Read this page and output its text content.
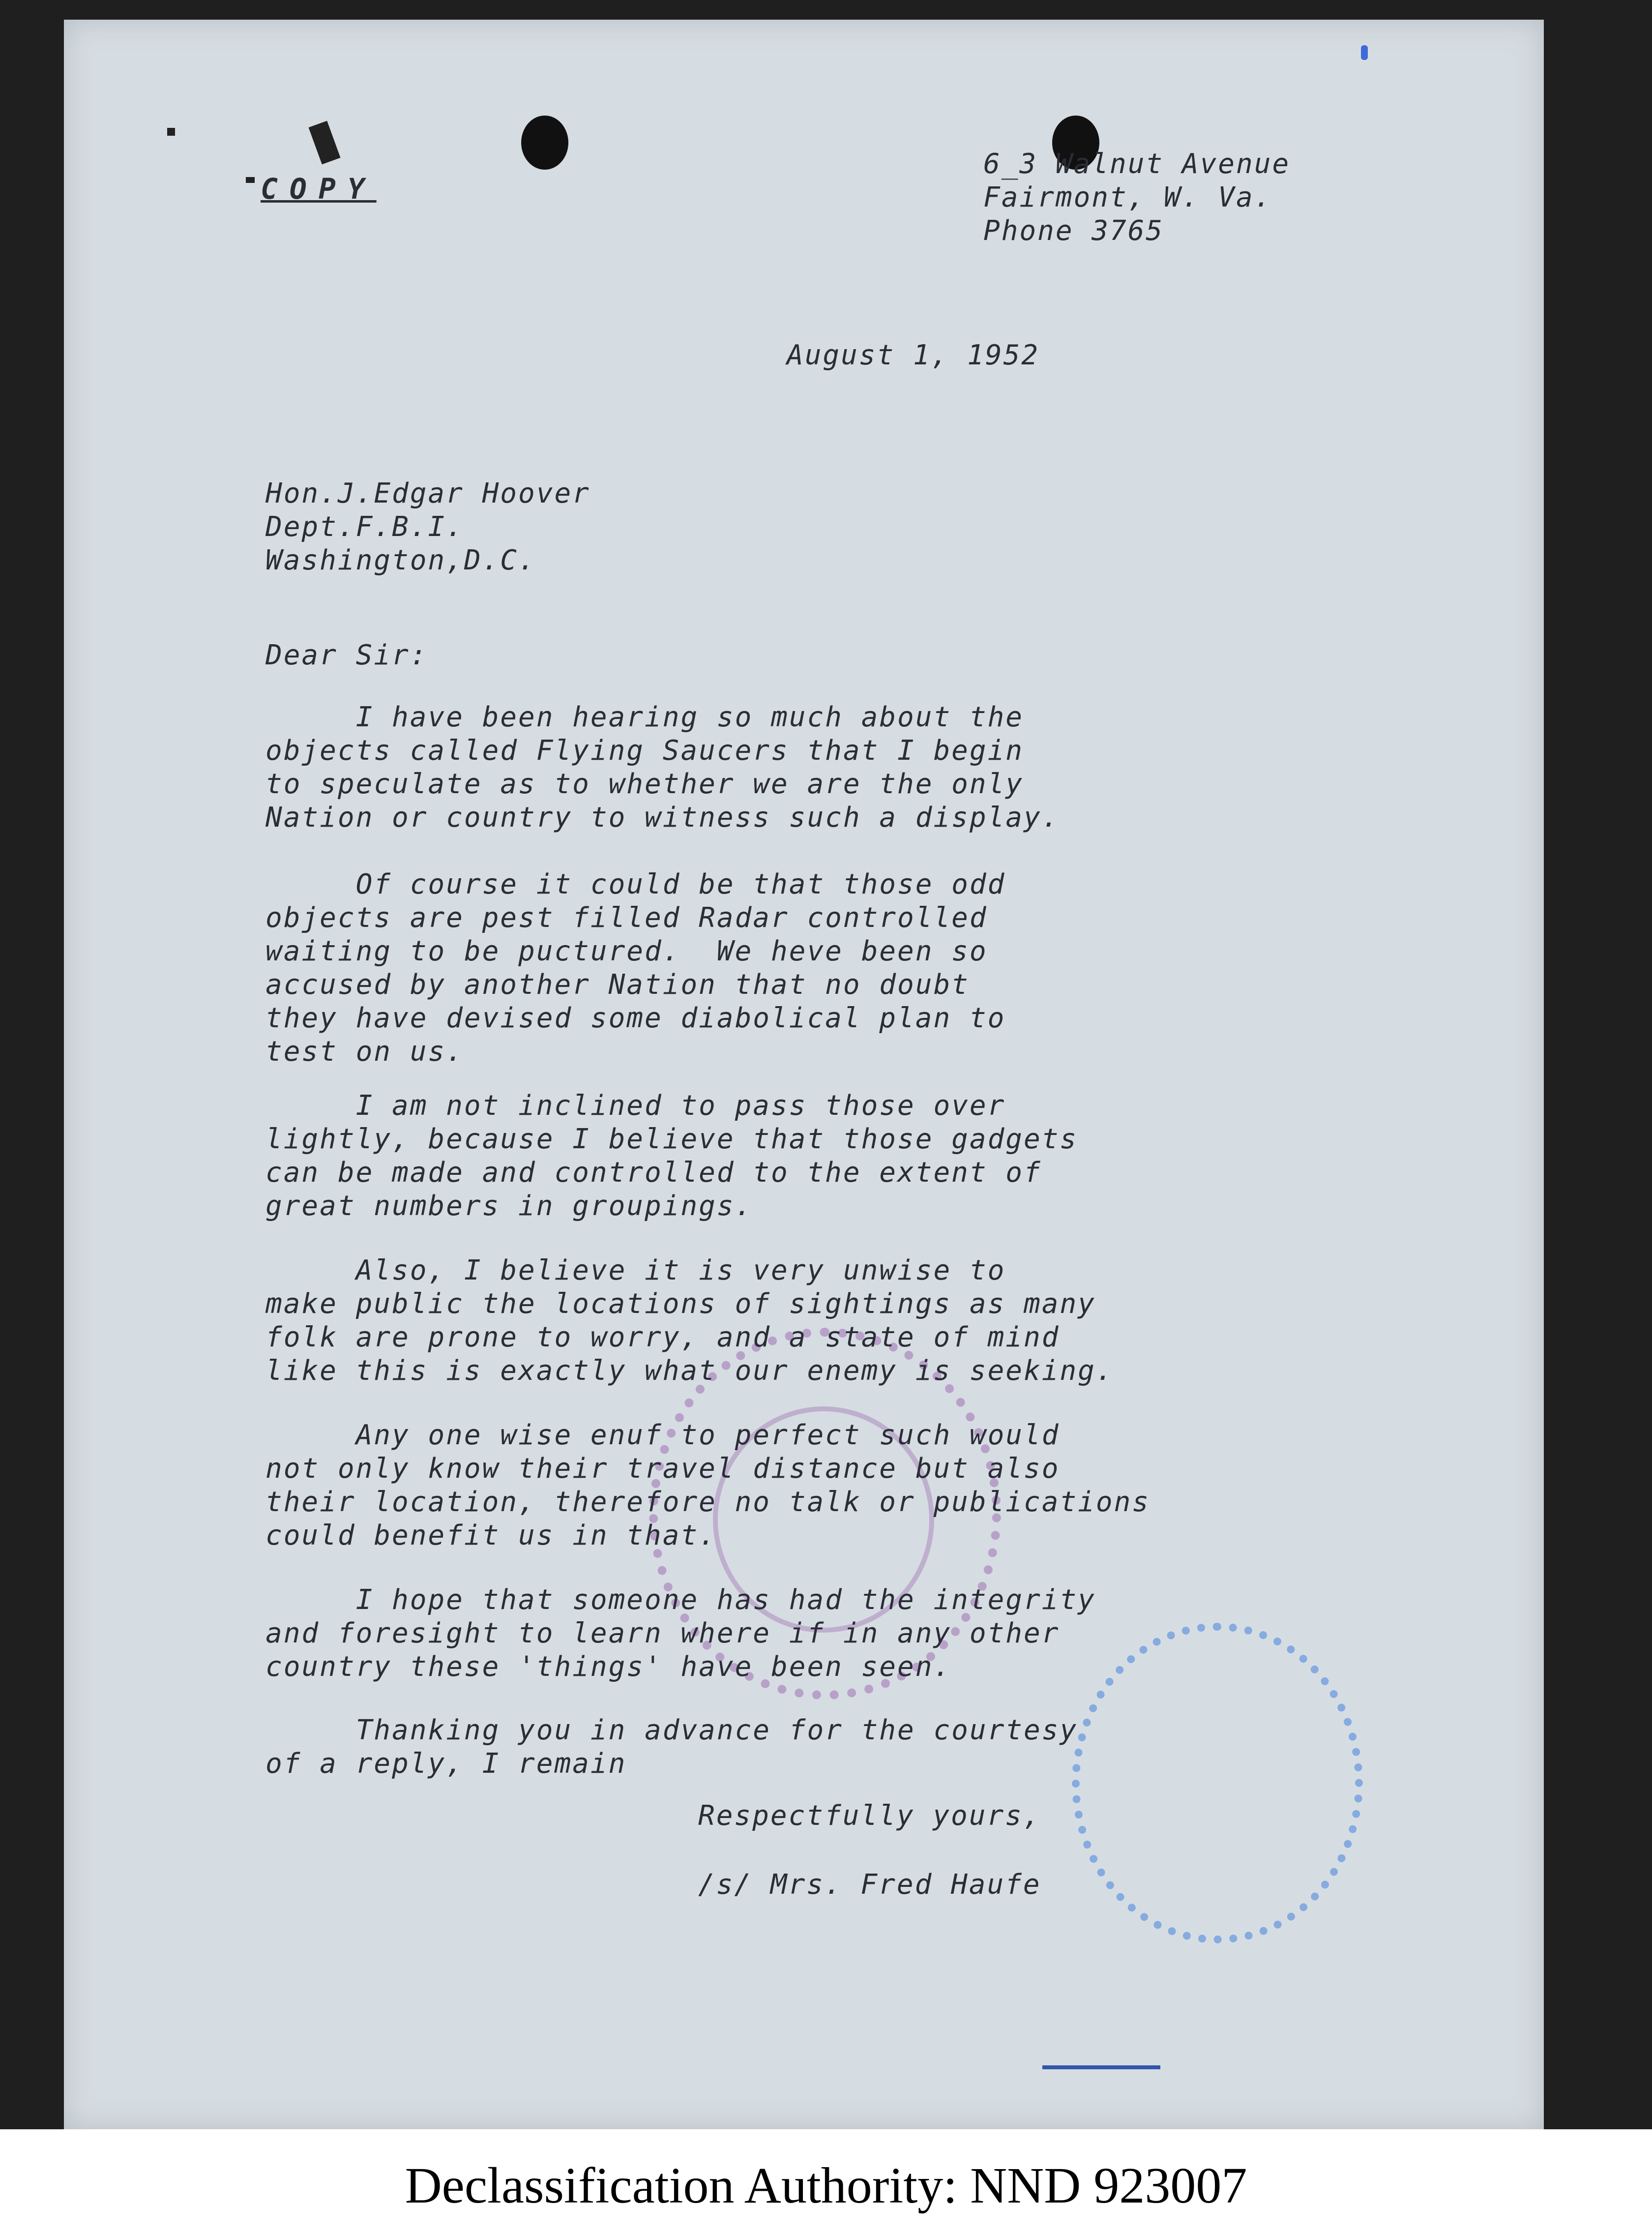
COPY
6_3 Walnut Avenue
Fairmont, W. Va.
Phone 3765
August 1, 1952
Hon.J.Edgar Hoover
Dept.F.B.I.
Washington,D.C.
Dear Sir:
I have been hearing so much about the
objects called Flying Saucers that I begin
to speculate as to whether we are the only
Nation or country to witness such a display.
Of course it could be that those odd
objects are pest filled Radar controlled
waiting to be puctured.  We heve been so
accused by another Nation that no doubt
they have devised some diabolical plan to
test on us.
I am not inclined to pass those over
lightly, because I believe that those gadgets
can be made and controlled to the extent of
great numbers in groupings.
Also, I believe it is very unwise to
make public the locations of sightings as many
folk are prone to worry, and a state of mind
like this is exactly what our enemy is seeking.
Any one wise enuf to perfect such would
not only know their travel distance but also
their location, therefore no talk or publications
could benefit us in that.
I hope that someone has had the integrity
and foresight to learn where if in any other
country these 'things' have been seen.
Thanking you in advance for the courtesy
of a reply, I remain
Respectfully yours,
/s/ Mrs. Fred Haufe
Declassification Authority: NND 923007
